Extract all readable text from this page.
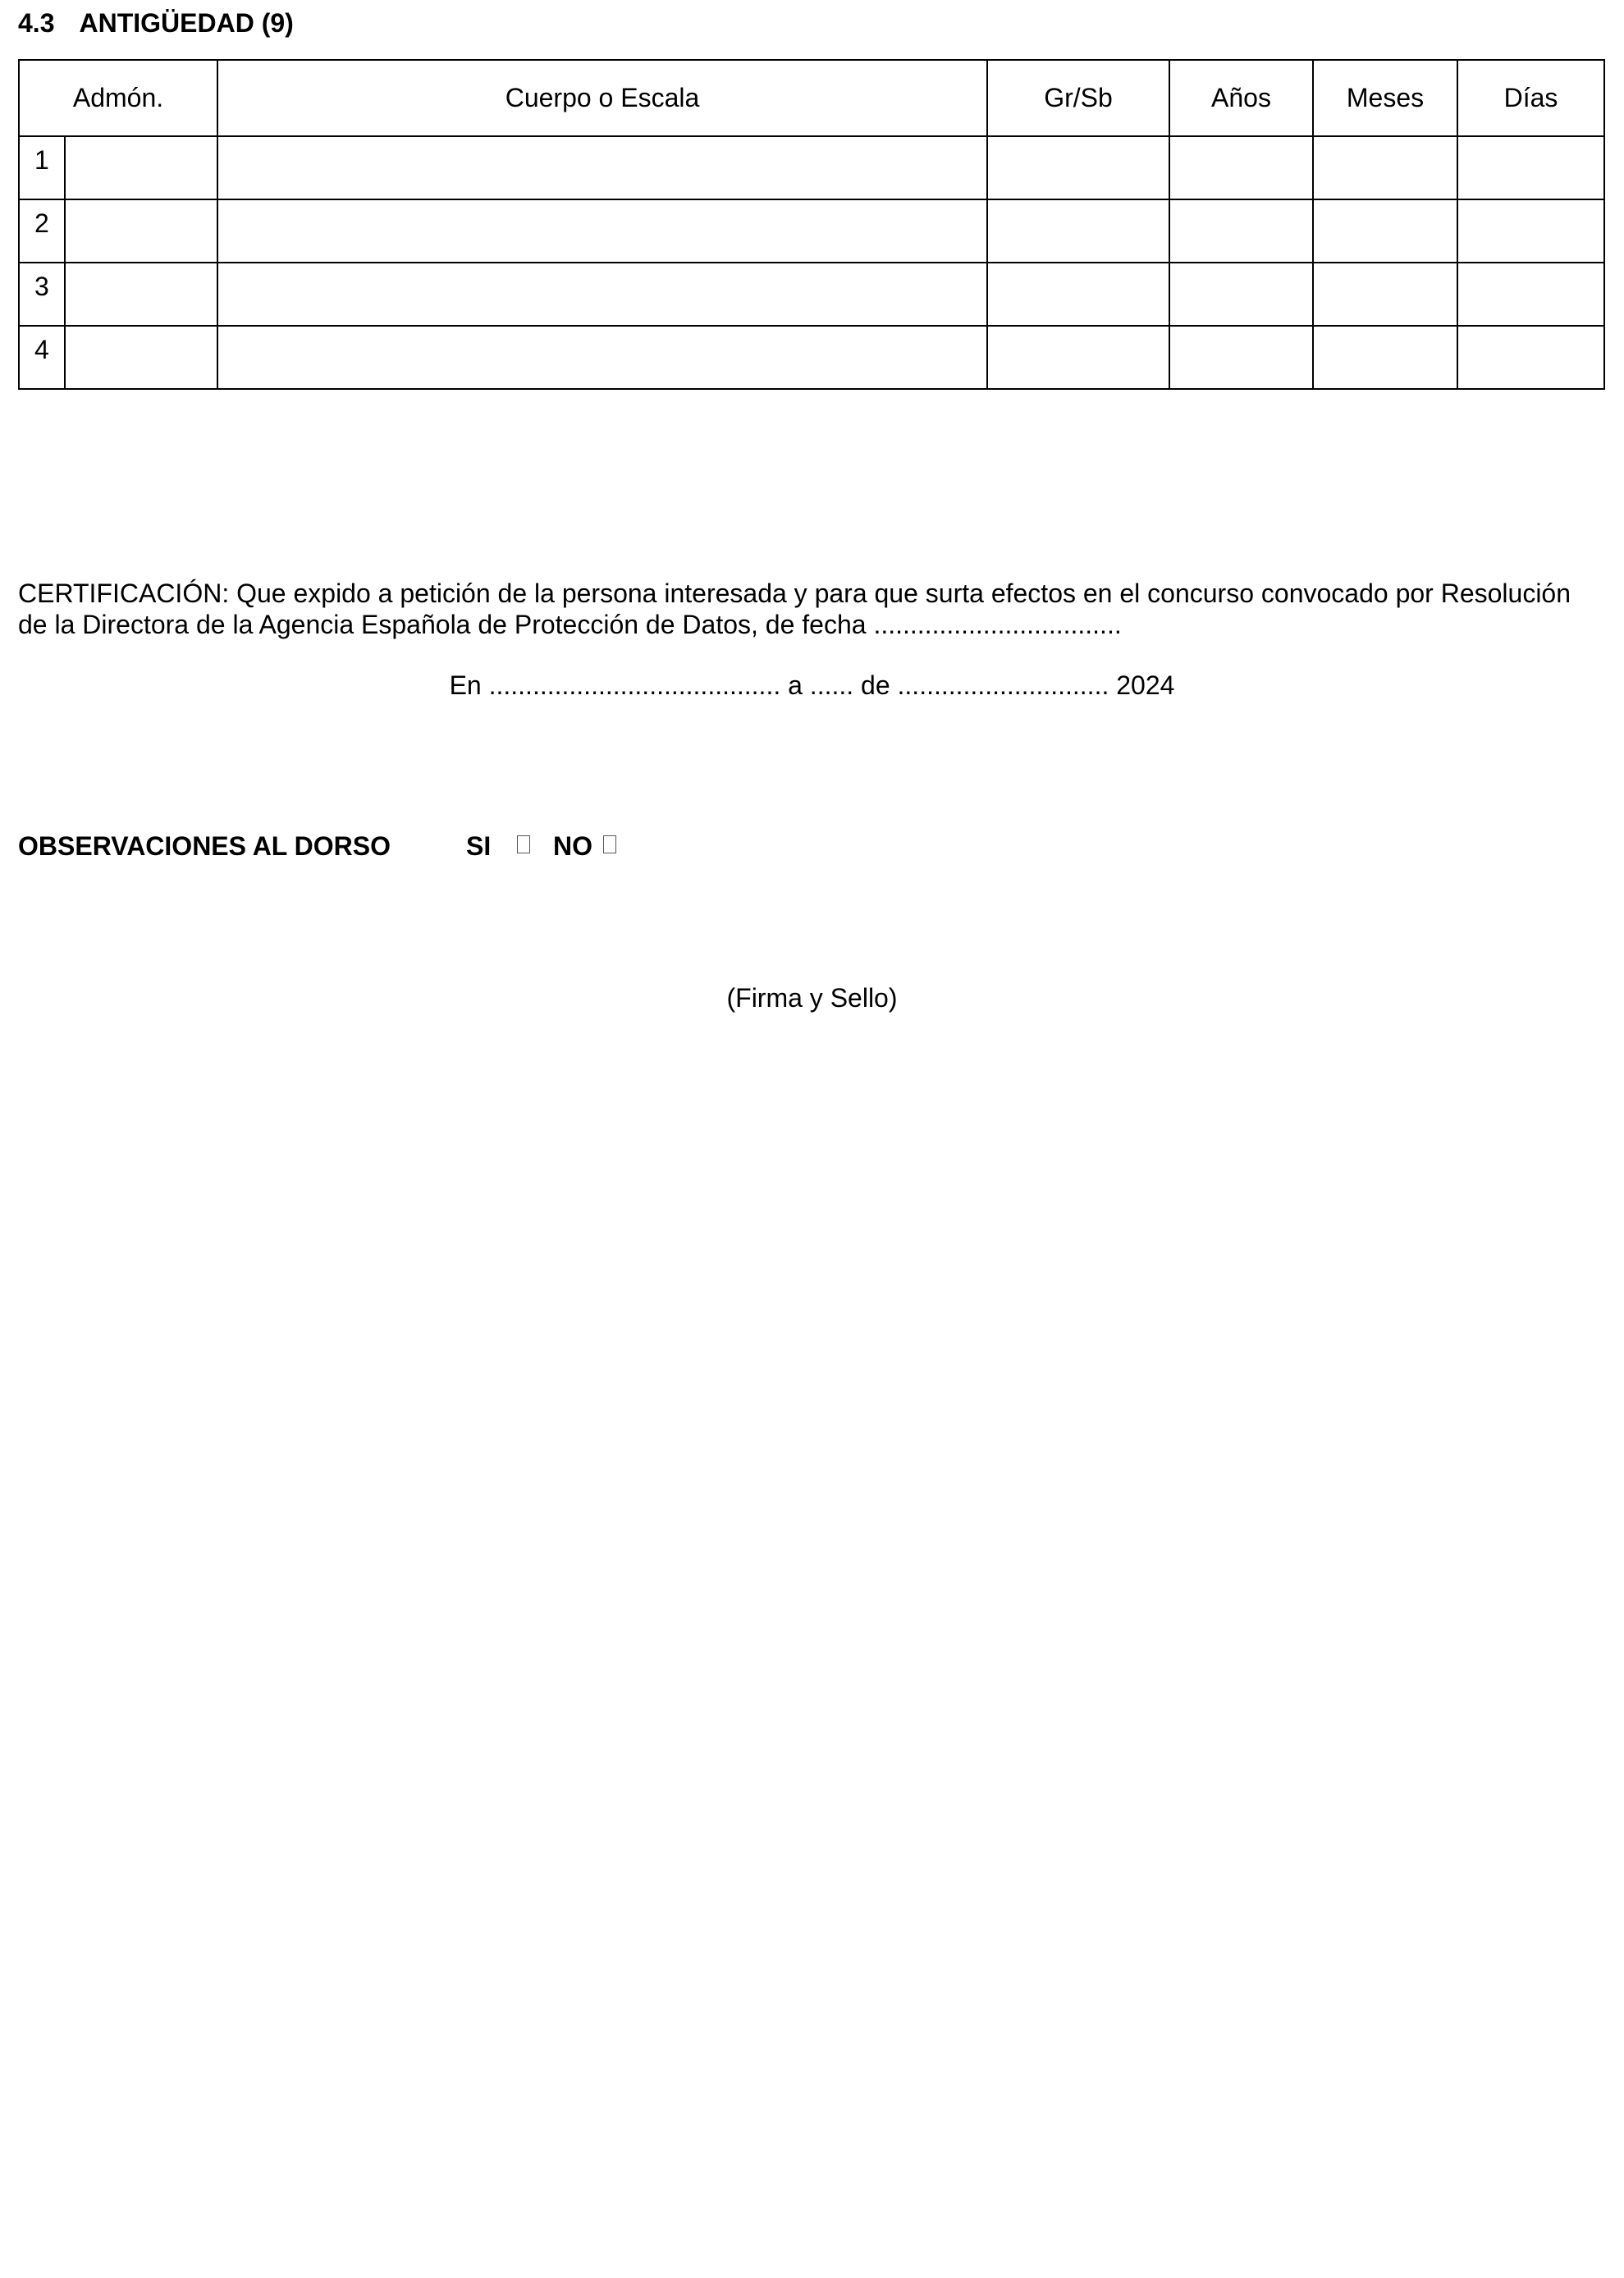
4.3 ANTIGÜEDAD (9)
Admón.		Cuerpo o Escala	Gr/Sb	Años	Meses	Días
1						
2						
3						
4						

CERTIFICACIÓN: Que expido a petición de la persona interesada y para que surta efectos en el concurso convocado por Resolución de la Directora de la Agencia Española de Protección de Datos, de fecha ..................................

En ........................................ a ...... de ............................. 2024

OBSERVACIONES AL DORSO	SI NO

(Firma y Sello)
